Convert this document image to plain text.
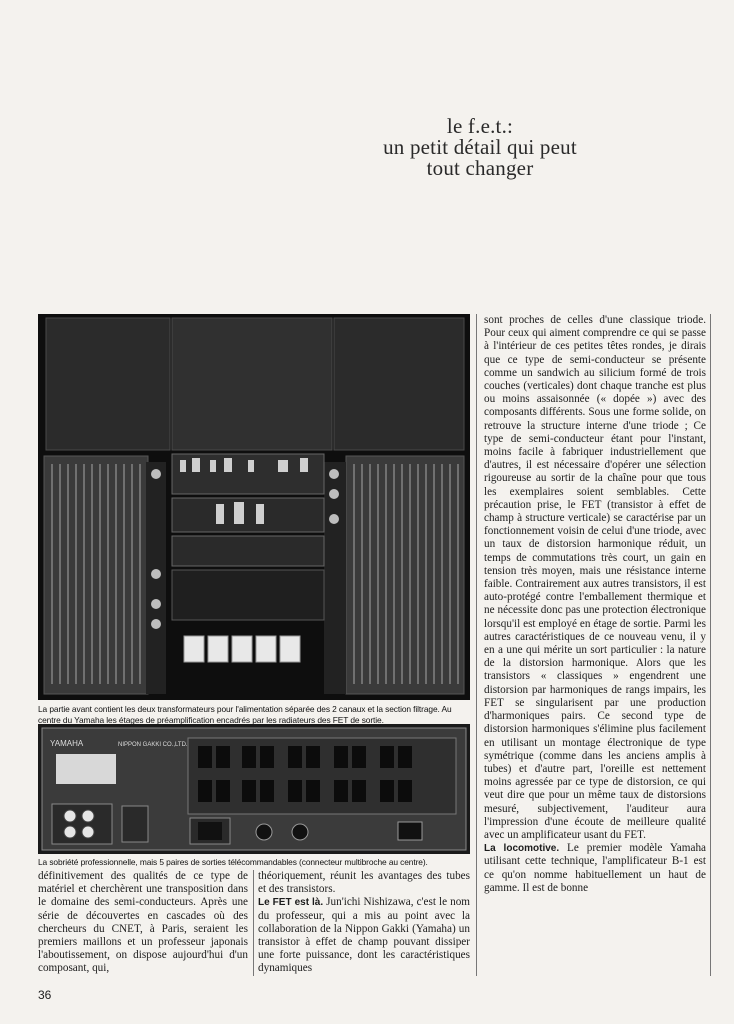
le f.e.t.:
un petit détail qui peut
tout changer
La partie avant contient les deux transformateurs pour l'alimentation séparée des 2 canaux et la section filtrage. Au centre du Yamaha les étages de préamplification encadrés par les radiateurs des FET de sortie.
YAMAHA	NIPPON GAKKI CO.,LTD.
La sobriété professionnelle, mais 5 paires de sorties télécommandables (connecteur multibroche au centre).

sont proches de celles d'une classique triode. Pour ceux qui aiment comprendre ce qui se passe à l'intérieur de ces petites têtes rondes, je dirais que ce type de semi-conducteur se présente comme un sandwich au silicium formé de trois couches (verticales) dont chaque tranche est plus ou moins assaisonnée (« dopée ») avec des composants différents. Sous une forme solide, on retrouve la structure interne d'une triode ; Ce type de semi-conducteur étant pour l'instant, moins facile à fabriquer industriellement que d'autres, il est nécessaire d'opérer une sélection rigoureuse au sortir de la chaîne pour que tous les exemplaires soient semblables. Cette précaution prise, le FET (transistor à effet de champ à structure verticale) se caractérise par un fonctionnement voisin de celui d'une triode, avec un taux de distorsion harmonique réduit, un temps de commutations très court, un gain en tension très moyen, mais une résistance interne faible. Contrairement aux autres transistors, il est auto-protégé contre l'emballement thermique et ne nécessite donc pas une protection électronique lorsqu'il est employé en étage de sortie. Parmi les autres caractéristiques de ce nouveau venu, il y en a une qui mérite un sort particulier : la nature de la distorsion harmonique. Alors que les transistors « classiques » engendrent une distorsion par harmoniques de rangs impairs, les FET se singularisent par une production d'harmoniques pairs. Ce second type de distorsion harmoniques s'élimine plus facilement en utilisant un montage électronique de type symétrique (comme dans les anciens amplis à tubes) et d'autre part, l'oreille est nettement moins agressée par ce type de distorsion, ce qui veut dire que pour un même taux de distorsions mesuré, subjectivement, l'auditeur aura l'impression d'une écoute de meilleure qualité avec un amplificateur usant du FET.
La locomotive. Le premier modèle Yamaha utilisant cette technique, l'amplificateur B-1 est ce qu'on nomme habituellement un haut de gamme. Il est de bonne

définitivement des qualités de ce type de matériel et cherchèrent une transposition dans le domaine des semi-conducteurs. Après une série de découvertes en cascades où des chercheurs du CNET, à Paris, seraient les premiers maillons et un professeur japonais l'aboutissement, on dispose aujourd'hui d'un composant, qui,

théoriquement, réunit les avantages des tubes et des transistors.
Le FET est là. Jun'ichi Nishizawa, c'est le nom du professeur, qui a mis au point avec la collaboration de la Nippon Gakki (Yamaha) un transistor à effet de champ pouvant dissiper une forte puissance, dont les caractéristiques dynamiques

36
